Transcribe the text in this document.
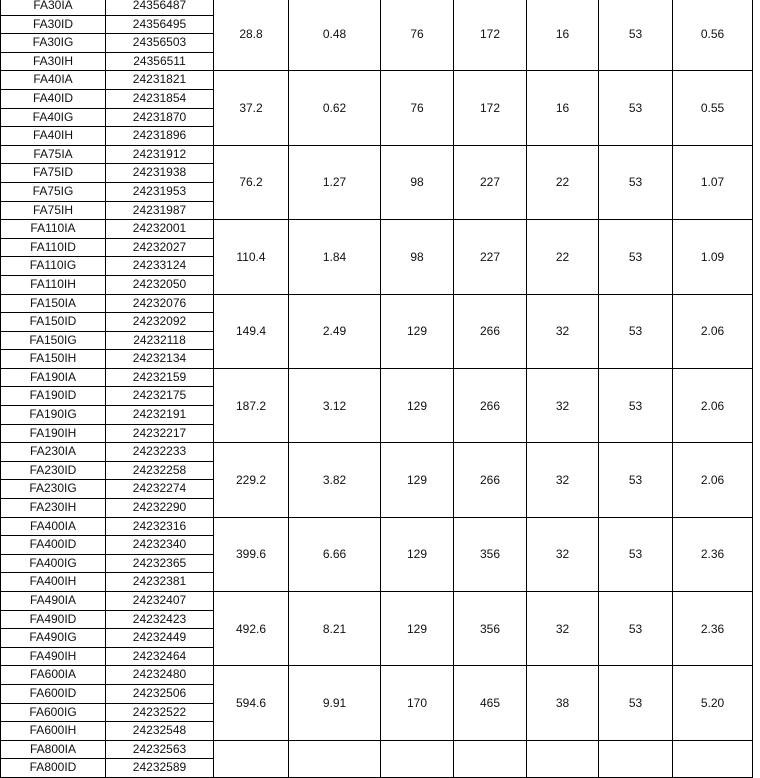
FA30IA	24356487	28.8	0.48	76	172	16	53	0.56
FA30ID	24356495							
FA30IG	24356503							
FA30IH	24356511							
FA40IA	24231821	37.2	0.62	76	172	16	53	0.55
FA40ID	24231854							
FA40IG	24231870							
FA40IH	24231896							
FA75IA	24231912	76.2	1.27	98	227	22	53	1.07
FA75ID	24231938							
FA75IG	24231953							
FA75IH	24231987							
FA110IA	24232001	110.4	1.84	98	227	22	53	1.09
FA110ID	24232027							
FA110IG	24233124							
FA110IH	24232050							
FA150IA	24232076	149.4	2.49	129	266	32	53	2.06
FA150ID	24232092							
FA150IG	24232118							
FA150IH	24232134							
FA190IA	24232159	187.2	3.12	129	266	32	53	2.06
FA190ID	24232175							
FA190IG	24232191							
FA190IH	24232217							
FA230IA	24232233	229.2	3.82	129	266	32	53	2.06
FA230ID	24232258							
FA230IG	24232274							
FA230IH	24232290							
FA400IA	24232316	399.6	6.66	129	356	32	53	2.36
FA400ID	24232340							
FA400IG	24232365							
FA400IH	24232381							
FA490IA	24232407	492.6	8.21	129	356	32	53	2.36
FA490ID	24232423							
FA490IG	24232449							
FA490IH	24232464							
FA600IA	24232480	594.6	9.91	170	465	38	53	5.20
FA600ID	24232506							
FA600IG	24232522							
FA600IH	24232548							
FA800IA	24232563							
FA800ID	24232589							
